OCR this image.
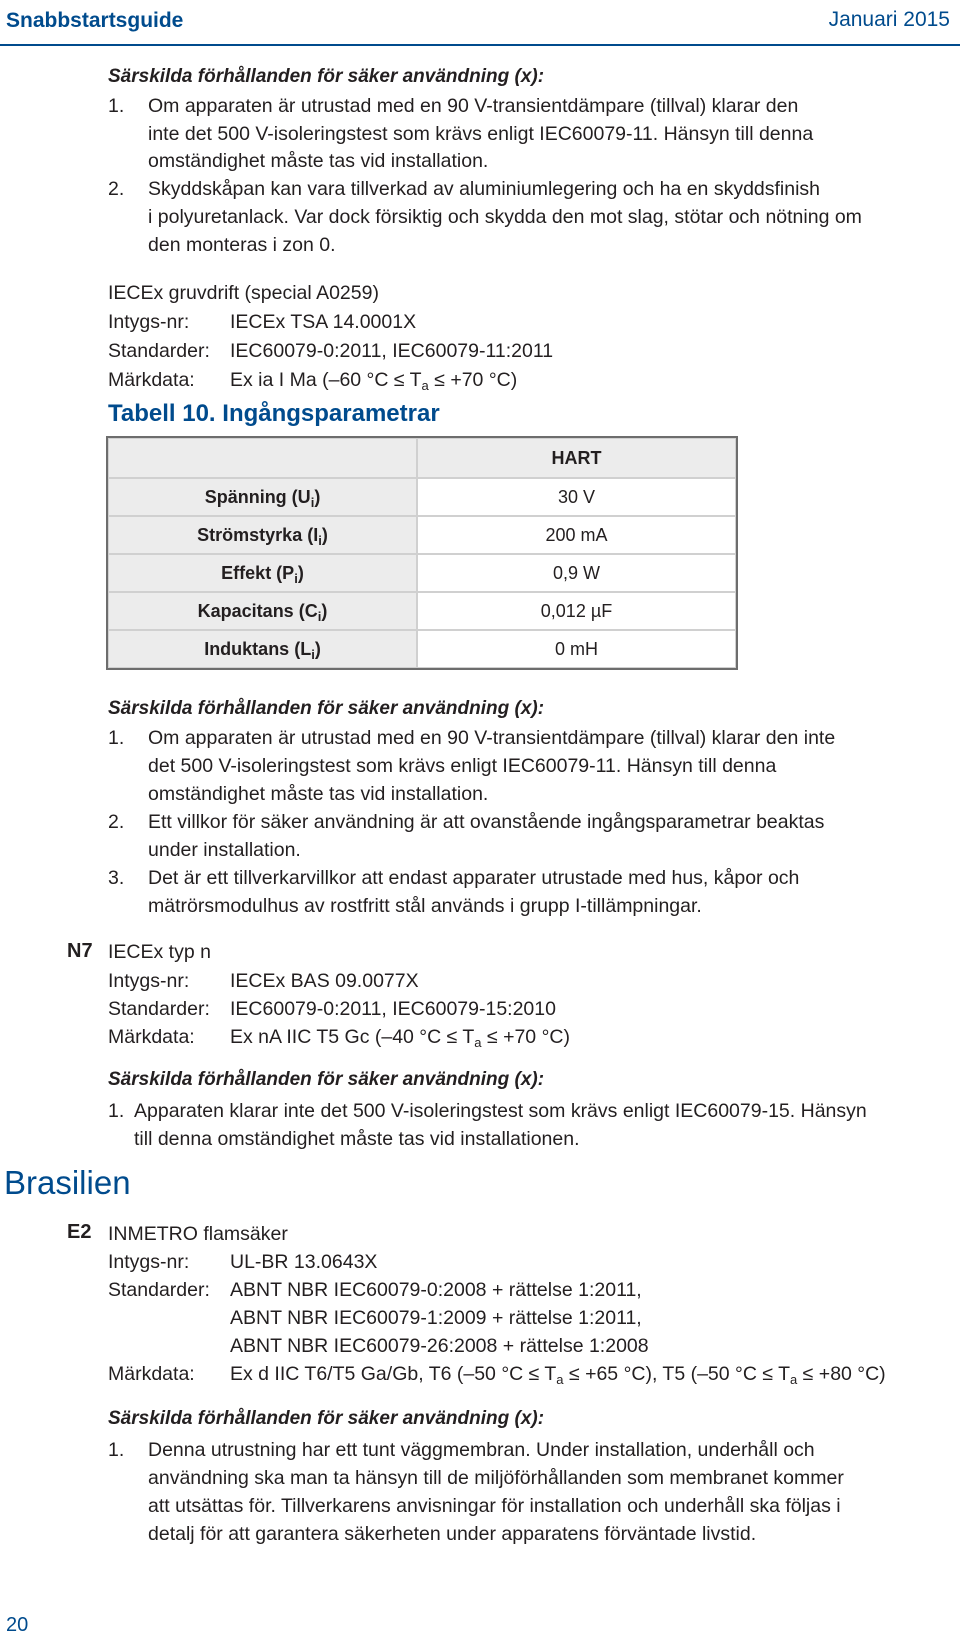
Snabbstartsguide	Januari 2015
Särskilda förhållanden för säker användning (x):
1. Om apparaten är utrustad med en 90 V-transientdämpare (tillval) klarar den
inte det 500 V-isoleringstest som krävs enligt IEC60079-11. Hänsyn till denna
omständighet måste tas vid installation.
2. Skyddskåpan kan vara tillverkad av aluminiumlegering och ha en skyddsfinish
i polyuretanlack. Var dock försiktig och skydda den mot slag, stötar och nötning om
den monteras i zon 0.
IECEx gruvdrift (special A0259)
Intygs-nr: IECEx TSA 14.0001X
Standarder: IEC60079-0:2011, IEC60079-11:2011
Märkdata: Ex ia I Ma (–60 $^\circ C \le T_a \le +70$ °C)
Tabell 10. Ingångsparametrar
	HART
Spänning $(U_i)$	30 V
Strömstyrka $(I_i)$	200 mA
Effekt $(P_i)$	0,9 W
Kapacitans $(C_i)$	0,012 µF
Induktans $(L_i)$	0 mH
Särskilda förhållanden för säker användning (x):
1. Om apparaten är utrustad med en 90 V-transientdämpare (tillval) klarar den inte
det 500 V-isoleringstest som krävs enligt IEC60079-11. Hänsyn till denna
omständighet måste tas vid installation.
2. Ett villkor för säker användning är att ovanstående ingångsparametrar beaktas
under installation.
3. Det är ett tillverkarvillkor att endast apparater utrustade med hus, kåpor och
mätrörsmodulhus av rostfritt stål används i grupp I-tillämpningar.
N7 IECEx typ n
Intygs-nr: IECEx BAS 09.0077X
Standarder: IEC60079-0:2011, IEC60079-15:2010
Märkdata: Ex nA IIC T5 Gc (–40 $^\circ C \le T_a \le +70$ °C)
Särskilda förhållanden för säker användning (x):
1. Apparaten klarar inte det 500 V-isoleringstest som krävs enligt IEC60079-15. Hänsyn
till denna omständighet måste tas vid installationen.
Brasilien
E2 INMETRO flamsäker
Intygs-nr: UL-BR 13.0643X
Standarder: ABNT NBR IEC60079-0:2008 + rättelse 1:2011,
ABNT NBR IEC60079-1:2009 + rättelse 1:2011,
ABNT NBR IEC60079-26:2008 + rättelse 1:2008
Märkdata: Ex d IIC T6/T5 Ga/Gb, T6 (–50 $^\circ C \le T_a \le +65$ °C), T5 (–50 $^\circ C \le T_a \le +80$ °C)
Särskilda förhållanden för säker användning (x):
1. Denna utrustning har ett tunt väggmembran. Under installation, underhåll och
användning ska man ta hänsyn till de miljöförhållanden som membranet kommer
att utsättas för. Tillverkarens anvisningar för installation och underhåll ska följas i
detalj för att garantera säkerheten under apparatens förväntade livstid.
20
